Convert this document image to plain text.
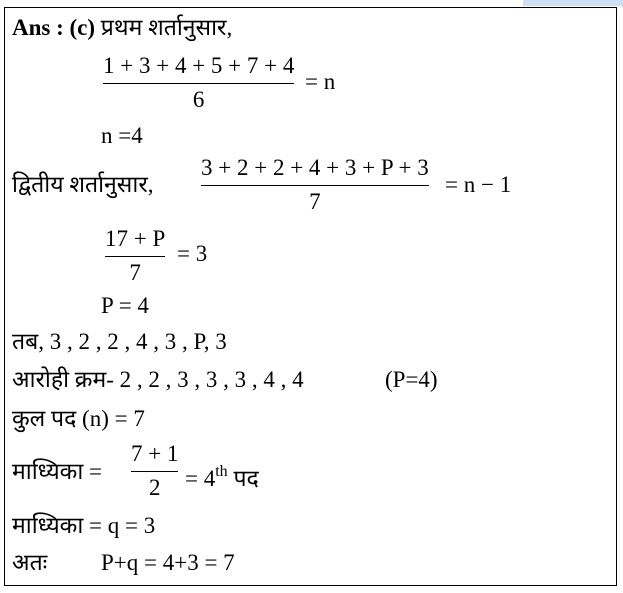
Ans : (c) प्रथम शर्तानुसार,
1 + 3 + 4 + 5 + 7 + 4
6
= n
n =4
द्वितीय शर्तानुसार,
3 + 2 + 2 + 4 + 3 + P + 3
7
= n − 1
17 + P
7
= 3
P = 4
तब, 3 , 2 , 2 , 4 , 3 , P, 3
आरोही क्रम- 2 , 2 , 3 , 3 , 3 , 4 , 4	(P=4)
कुल पद (n) = 7
माध्यिका =
7 + 1
2	= 4th पद
माध्यिका = q = 3
अतः P+q = 4+3 = 7
